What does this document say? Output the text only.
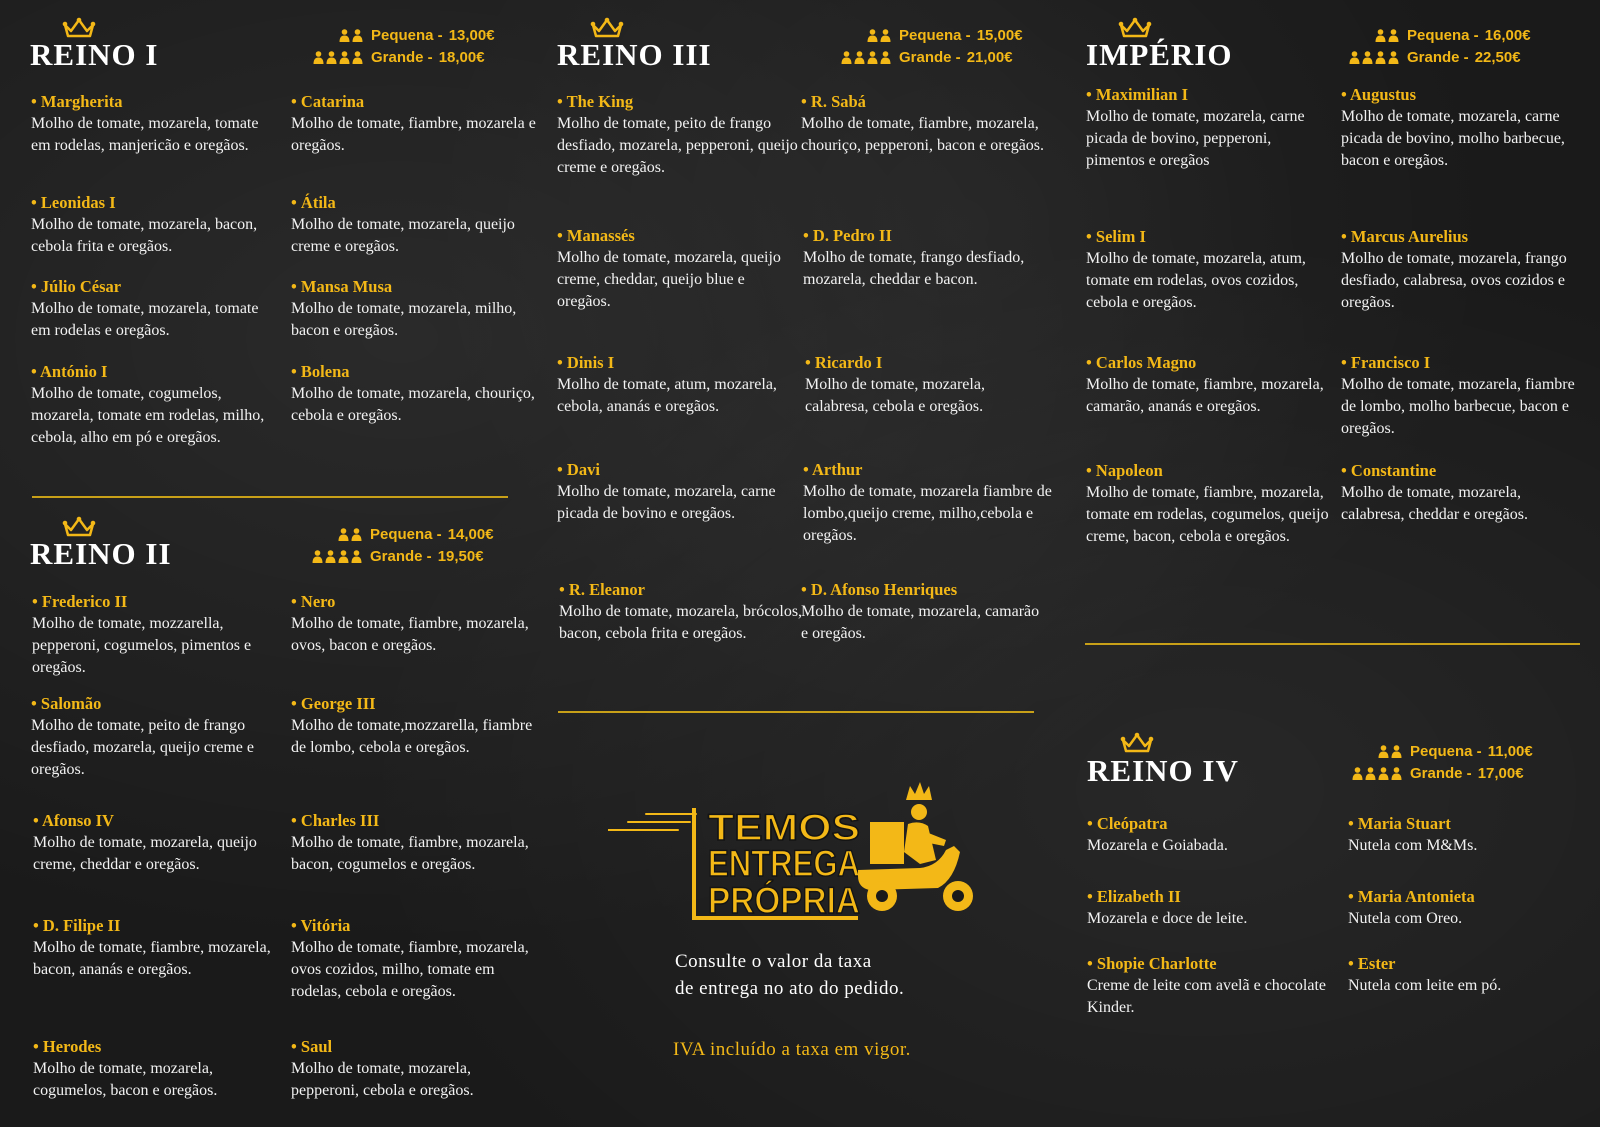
REINO I
Pequena - 13,00€
Grande - 18,00€
• Margherita
Molho de tomate, mozarela, tomate em rodelas, manjericão e oregãos.
• Catarina
Molho de tomate, fiambre, mozarela e oregãos.
• Leonidas I
Molho de tomate, mozarela, bacon, cebola frita e oregãos.
• Átila
Molho de tomate, mozarela, queijo creme e oregãos.
• Júlio César
Molho de tomate, mozarela, tomate em rodelas e oregãos.
• Mansa Musa
Molho de tomate, mozarela, milho, bacon e oregãos.
• António I
Molho de tomate, cogumelos, mozarela, tomate em rodelas, milho, cebola, alho em pó e oregãos.
• Bolena
Molho de tomate, mozarela, chouriço, cebola e oregãos.
REINO II
Pequena - 14,00€
Grande - 19,50€
• Frederico II
Molho de tomate, mozzarella, pepperoni, cogumelos, pimentos e oregãos.
• Nero
Molho de tomate, fiambre, mozarela, ovos, bacon e oregãos.
• Salomão
Molho de tomate, peito de frango desfiado, mozarela, queijo creme e oregãos.
• George III
Molho de tomate,mozzarella, fiambre de lombo, cebola e oregãos.
• Afonso IV
Molho de tomate, mozarela, queijo creme, cheddar e oregãos.
• Charles III
Molho de tomate, fiambre, mozarela, bacon, cogumelos e oregãos.
• D. Filipe II
Molho de tomate, fiambre, mozarela, bacon, ananás e oregãos.
• Vitória
Molho de tomate, fiambre, mozarela, ovos cozidos, milho, tomate em rodelas, cebola e oregãos.
• Herodes
Molho de tomate, mozarela, cogumelos, bacon e oregãos.
• Saul
Molho de tomate, mozarela, pepperoni, cebola e oregãos.
REINO III
Pequena - 15,00€
Grande - 21,00€
• The King
Molho de tomate, peito de frango desfiado, mozarela, pepperoni, queijo creme e oregãos.
• R. Sabá
Molho de tomate, fiambre, mozarela, chouriço, pepperoni, bacon e oregãos.
• Manassés
Molho de tomate, mozarela, queijo creme, cheddar, queijo blue e oregãos.
• D. Pedro II
Molho de tomate, frango desfiado, mozarela, cheddar e bacon.
• Dinis I
Molho de tomate, atum, mozarela, cebola, ananás e oregãos.
• Ricardo I
Molho de tomate, mozarela, calabresa, cebola e oregãos.
• Davi
Molho de tomate, mozarela, carne picada de bovino e oregãos.
• Arthur
Molho de tomate, mozarela fiambre de lombo,queijo creme, milho,cebola e oregãos.
• R. Eleanor
Molho de tomate, mozarela, brócolos, bacon, cebola frita e oregãos.
• D. Afonso Henriques
Molho de tomate, mozarela, camarão e oregãos.
TEMOS
ENTREGA
PRÓPRIA
Consulte o valor da taxa
de entrega no ato do pedido.
IVA incluído a taxa em vigor.
IMPÉRIO
Pequena - 16,00€
Grande - 22,50€
• Maximilian I
Molho de tomate, mozarela, carne picada de bovino, pepperoni, pimentos e oregãos
• Augustus
Molho de tomate, mozarela, carne picada de bovino, molho barbecue, bacon e oregãos.
• Selim I
Molho de tomate, mozarela, atum, tomate em rodelas, ovos cozidos, cebola e oregãos.
• Marcus Aurelius
Molho de tomate, mozarela, frango desfiado, calabresa, ovos cozidos e oregãos.
• Carlos Magno
Molho de tomate, fiambre, mozarela, camarão, ananás e oregãos.
• Francisco I
Molho de tomate, mozarela, fiambre de lombo, molho barbecue, bacon e oregãos.
• Napoleon
Molho de tomate, fiambre, mozarela, tomate em rodelas, cogumelos, queijo creme, bacon, cebola e oregãos.
• Constantine
Molho de tomate, mozarela, calabresa, cheddar e oregãos.
REINO IV
Pequena - 11,00€
Grande - 17,00€
• Cleópatra
Mozarela e Goiabada.
• Maria Stuart
Nutela com M&Ms.
• Elizabeth II
Mozarela e doce de leite.
• Maria Antonieta
Nutela com Oreo.
• Shopie Charlotte
Creme de leite com avelã e chocolate Kinder.
• Ester
Nutela com leite em pó.
